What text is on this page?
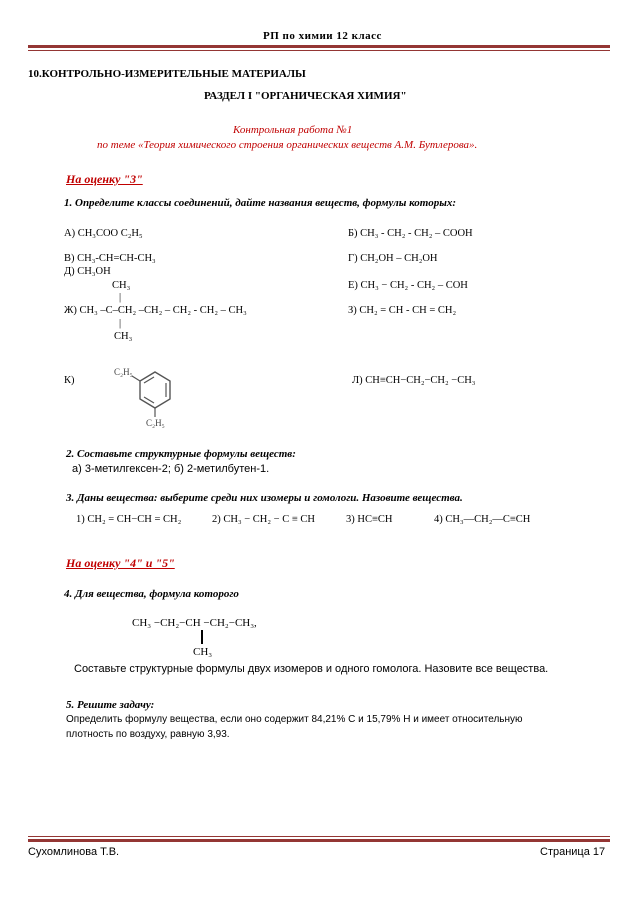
РП по химии 12 класс
10.КОНТРОЛЬНО-ИЗМЕРИТЕЛЬНЫЕ МАТЕРИАЛЫ
РАЗДЕЛ I "ОРГАНИЧЕСКАЯ ХИМИЯ"
Контрольная работа №1
по теме «Теория химического строения органических веществ А.М. Бутлерова».
На оценку "3"
1. Определите классы соединений, дайте названия веществ, формулы которых:
А) CH₃COO C₂H₅	Б) CH₃ - CH₂ - CH₂ – COOH
В) CH₃-CH=CH-CH₃	Г) CH₂OH – CH₂OH
Д) CH₃OH
CH₃	Е) CH₃ − CH₂ - CH₂ – COH
|
Ж) CH₃ –C–CH₂ –CH₂ – CH₂ - CH₂ – CH₃	З) CH₂ = CH - CH = CH₂
|
CH₃
К)
C₂H₅
C₂H₅
Л) CH≡CH−CH₂−CH₂ −CH₃
2. Составьте структурные формулы веществ:
а) 3-метилгексен-2; б) 2-метилбутен-1.
3. Даны вещества: выберите среди них изомеры и гомологи. Назовите вещества.
1) CH₂ = CH−CH = CH₂	2) CH₃ − CH₂ − C ≡ CH	3) HC≡CH	4) CH₃—CH₂—C≡CH
На оценку "4" и "5"
4. Для вещества, формула которого
CH₃ −CH₂−CH −CH₂−CH₃,
CH₃
Составьте структурные формулы двух изомеров и одного гомолога. Назовите все вещества.
5. Решите задачу:
Определить формулу вещества, если оно содержит 84,21% С и 15,79% Н и имеет относительную
плотность по воздуху, равную 3,93.
Сухомлинова Т.В.	Страница 17
